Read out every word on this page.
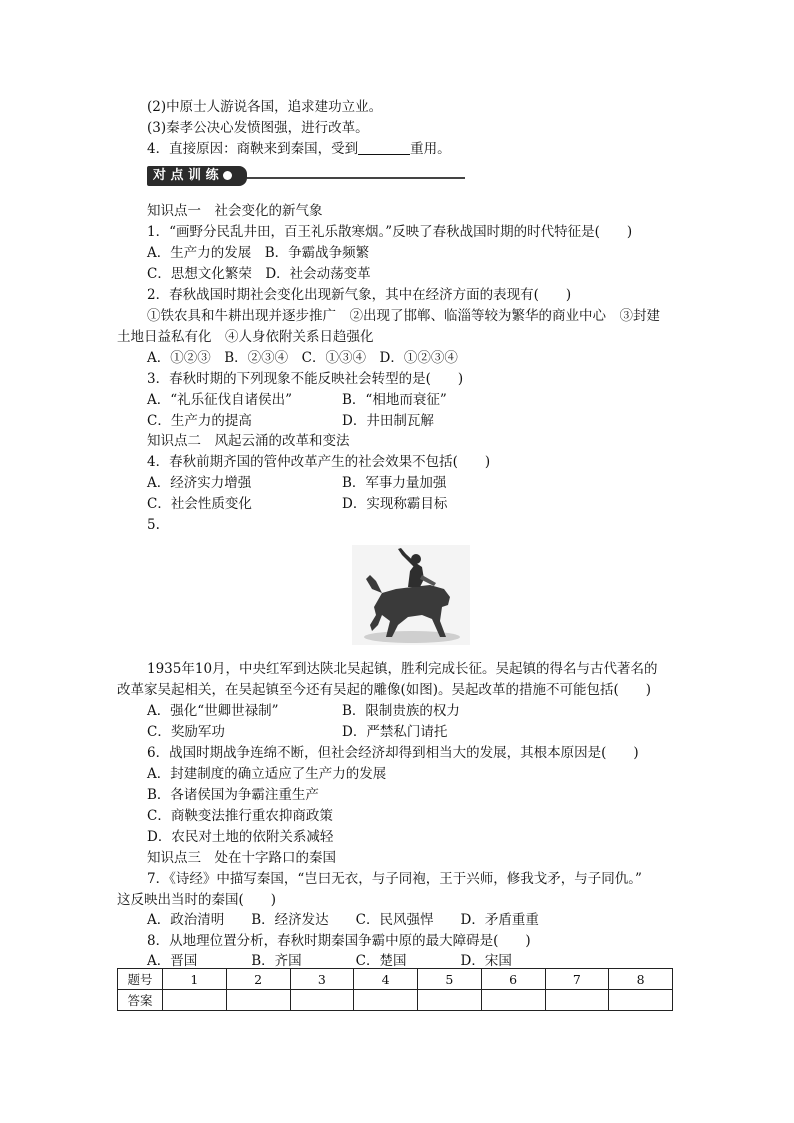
(2)中原士人游说各国，追求建功立业。
(3)秦孝公决心发愤图强，进行改革。
4．直接原因：商鞅来到秦国，受到	重用。
对 点 训 练
知识点一　社会变化的新气象
1．“画野分民乱井田，百王礼乐散寒烟。”反映了春秋战国时期的时代特征是(　　)
A．生产力的发展　B．争霸战争频繁
C．思想文化繁荣　D．社会动荡变革
2．春秋战国时期社会变化出现新气象，其中在经济方面的表现有(　　)
①铁农具和牛耕出现并逐步推广　②出现了邯郸、临淄等较为繁华的商业中心　③封建
土地日益私有化　④人身依附关系日趋强化
A．①②③　B．②③④　C．①③④　D．①②③④
3．春秋时期的下列现象不能反映社会转型的是(　　)
A．“礼乐征伐自诸侯出”	B．“相地而衰征”
C．生产力的提高	D．井田制瓦解
知识点二　风起云涌的改革和变法
4．春秋前期齐国的管仲改革产生的社会效果不包括(　　)
A．经济实力增强	B．军事力量加强
C．社会性质变化	D．实现称霸目标
5.
1935年10月，中央红军到达陕北吴起镇，胜利完成长征。吴起镇的得名与古代著名的
改革家吴起相关，在吴起镇至今还有吴起的雕像(如图)。吴起改革的措施不可能包括(　　)
A．强化“世卿世禄制”	B．限制贵族的权力
C．奖励军功	D．严禁私门请托
6．战国时期战争连绵不断，但社会经济却得到相当大的发展，其根本原因是(　　)
A．封建制度的确立适应了生产力的发展
B．各诸侯国为争霸注重生产
C．商鞅变法推行重农抑商政策
D．农民对土地的依附关系减轻
知识点三　处在十字路口的秦国
7．《诗经》中描写秦国，“岂曰无衣，与子同袍，王于兴师，修我戈矛，与子同仇。”
这反映出当时的秦国(　　)
A．政治清明　　B．经济发达　　C．民风强悍　　D．矛盾重重
8．从地理位置分析，春秋时期秦国争霸中原的最大障碍是(　　)
A．晋国　　　　B．齐国　　　　C．楚国　　　　D．宋国
题号	1	2	3	4	5	6	7	8
答案								
